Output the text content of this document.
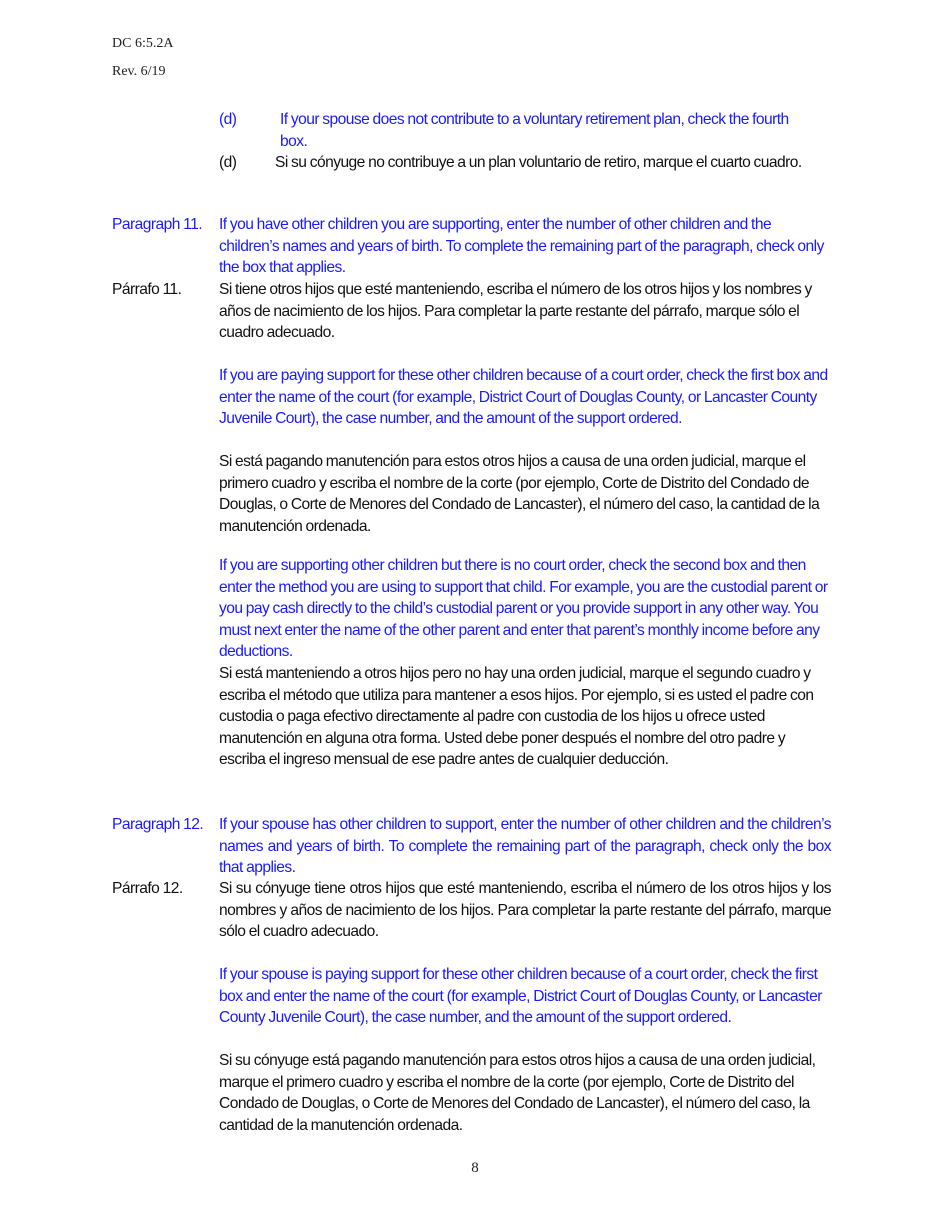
DC 6:5.2A
Rev. 6/19
(d)	If your spouse does not contribute to a voluntary retirement plan, check the fourth box.
(d) Si su cónyuge no contribuye a un plan voluntario de retiro, marque el cuarto cuadro.
Paragraph 11. If you have other children you are supporting, enter the number of other children and the children’s names and years of birth. To complete the remaining part of the paragraph, check only the box that applies.
Párrafo 11. Si tiene otros hijos que esté manteniendo, escriba el número de los otros hijos y los nombres y años de nacimiento de los hijos. Para completar la parte restante del párrafo, marque sólo el cuadro adecuado.
If you are paying support for these other children because of a court order, check the first box and enter the name of the court (for example, District Court of Douglas County, or Lancaster County Juvenile Court), the case number, and the amount of the support ordered.
Si está pagando manutención para estos otros hijos a causa de una orden judicial, marque el primero cuadro y escriba el nombre de la corte (por ejemplo, Corte de Distrito del Condado de Douglas, o Corte de Menores del Condado de Lancaster), el número del caso, la cantidad de la manutención ordenada.
If you are supporting other children but there is no court order, check the second box and then enter the method you are using to support that child. For example, you are the custodial parent or you pay cash directly to the child’s custodial parent or you provide support in any other way. You must next enter the name of the other parent and enter that parent’s monthly income before any deductions.
Si está manteniendo a otros hijos pero no hay una orden judicial, marque el segundo cuadro y escriba el método que utiliza para mantener a esos hijos. Por ejemplo, si es usted el padre con custodia o paga efectivo directamente al padre con custodia de los hijos u ofrece usted manutención en alguna otra forma. Usted debe poner después el nombre del otro padre y escriba el ingreso mensual de ese padre antes de cualquier deducción.
Paragraph 12. If your spouse has other children to support, enter the number of other children and the children’s names and years of birth. To complete the remaining part of the paragraph, check only the box that applies.
Párrafo 12. Si su cónyuge tiene otros hijos que esté manteniendo, escriba el número de los otros hijos y los nombres y años de nacimiento de los hijos. Para completar la parte restante del párrafo, marque sólo el cuadro adecuado.
If your spouse is paying support for these other children because of a court order, check the first box and enter the name of the court (for example, District Court of Douglas County, or Lancaster County Juvenile Court), the case number, and the amount of the support ordered.
Si su cónyuge está pagando manutención para estos otros hijos a causa de una orden judicial, marque el primero cuadro y escriba el nombre de la corte (por ejemplo, Corte de Distrito del Condado de Douglas, o Corte de Menores del Condado de Lancaster), el número del caso, la cantidad de la manutención ordenada.
8
